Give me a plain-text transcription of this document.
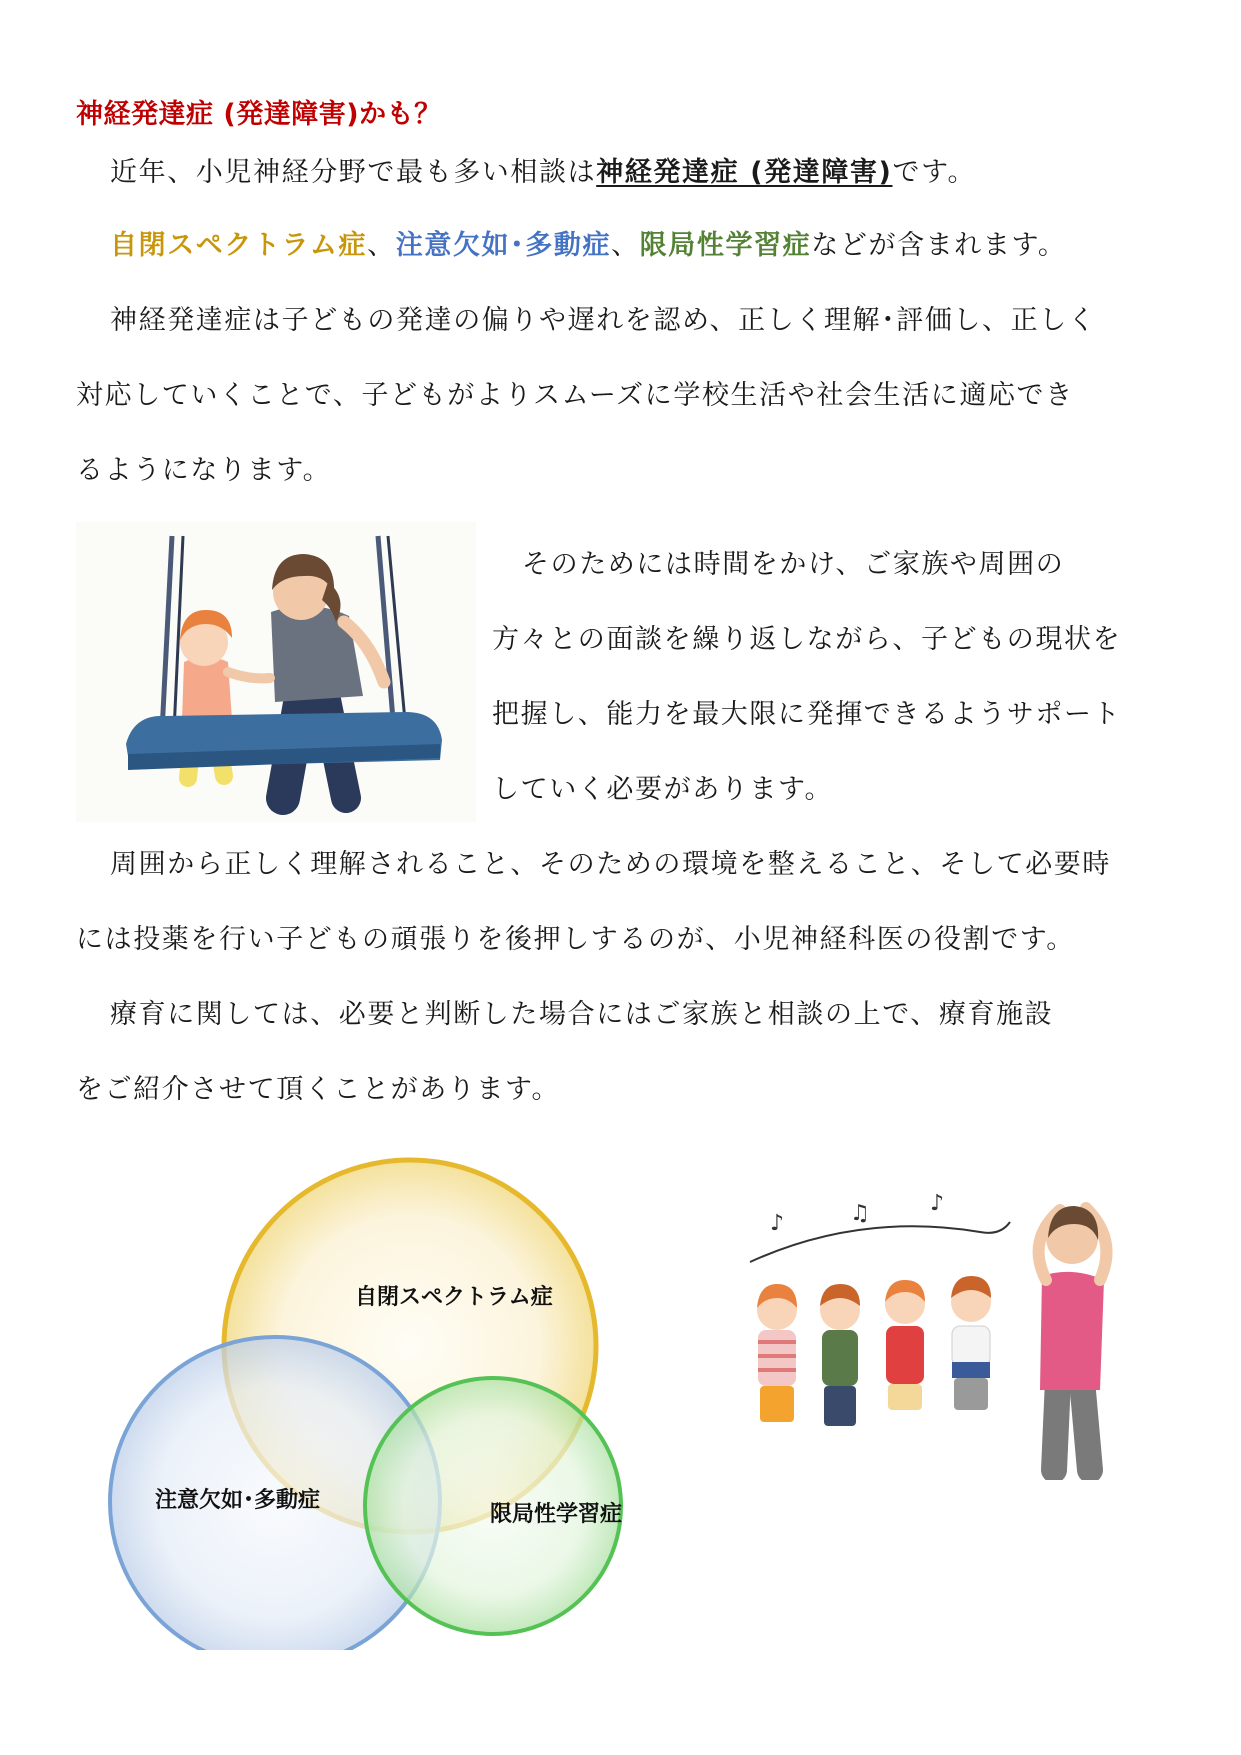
神経発達症 (発達障害)かも？
近年、小児神経分野で最も多い相談は神経発達症 (発達障害)です。
自閉スペクトラム症、注意欠如･多動症、限局性学習症などが含まれます。
神経発達症は子どもの発達の偏りや遅れを認め、正しく理解･評価し、正しく
対応していくことで、子どもがよりスムーズに学校生活や社会生活に適応でき
るようになります。
そのためには時間をかけ、ご家族や周囲の
方々との面談を繰り返しながら、子どもの現状を
把握し、能力を最大限に発揮できるようサポート
していく必要があります。
周囲から正しく理解されること、そのための環境を整えること、そして必要時
には投薬を行い子どもの頑張りを後押しするのが、小児神経科医の役割です。
療育に関しては、必要と判断した場合にはご家族と相談の上で、療育施設
をご紹介させて頂くことがあります。
自閉スペクトラム症
注意欠如･多動症
限局性学習症
♪	♫	♪
